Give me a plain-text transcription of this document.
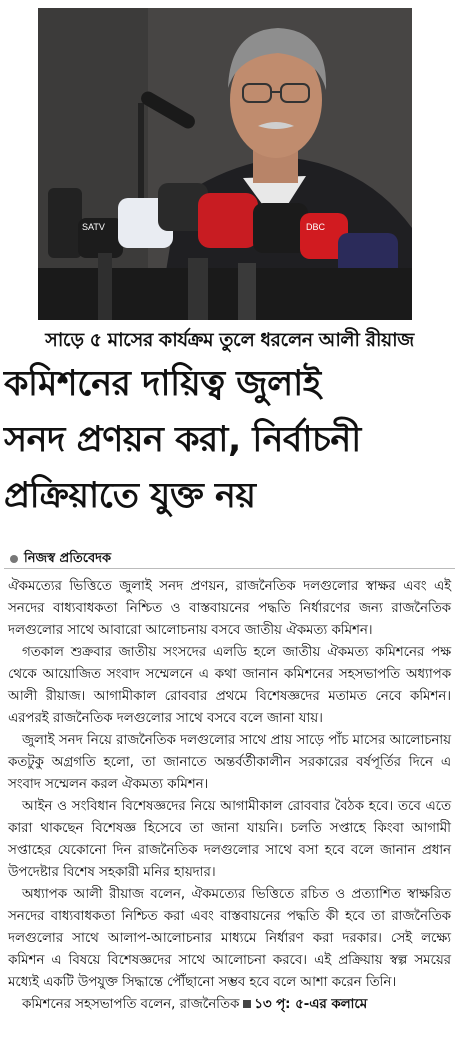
SATV	DBC
সাড়ে ৫ মাসের কার্যক্রম তুলে ধরলেন আলী রীয়াজ
কমিশনের দায়িত্ব জুলাই
সনদ প্রণয়ন করা, নির্বাচনী
প্রক্রিয়াতে যুক্ত নয়
নিজস্ব প্রতিবেদক

ঐকমত্যের ভিত্তিতে জুলাই সনদ প্রণয়ন, রাজনৈতিক দলগুলোর স্বাক্ষর এবং এই সনদের বাধ্যবাধকতা নিশ্চিত ও বাস্তবায়নের পদ্ধতি নির্ধারণের জন্য রাজনৈতিক দলগুলোর সাথে আবারো আলোচনায় বসবে জাতীয় ঐকমত্য কমিশন।

গতকাল শুক্রবার জাতীয় সংসদের এলডি হলে জাতীয় ঐকমত্য কমিশনের পক্ষ থেকে আয়োজিত সংবাদ সম্মেলনে এ কথা জানান কমিশনের সহসভাপতি অধ্যাপক আলী রীয়াজ। আগামীকাল রোববার প্রথমে বিশেষজ্ঞদের মতামত নেবে কমিশন। এরপরই রাজনৈতিক দলগুলোর সাথে বসবে বলে জানা যায়।

জুলাই সনদ নিয়ে রাজনৈতিক দলগুলোর সাথে প্রায় সাড়ে পাঁচ মাসের আলোচনায় কতটুকু অগ্রগতি হলো, তা জানাতে অন্তর্বর্তীকালীন সরকারের বর্ষপূর্তির দিনে এ সংবাদ সম্মেলন করল ঐকমত্য কমিশন।

আইন ও সংবিধান বিশেষজ্ঞদের নিয়ে আগামীকাল রোববার বৈঠক হবে। তবে এতে কারা থাকছেন বিশেষজ্ঞ হিসেবে তা জানা যায়নি। চলতি সপ্তাহে কিংবা আগামী সপ্তাহের যেকোনো দিন রাজনৈতিক দলগুলোর সাথে বসা হবে বলে জানান প্রধান উপদেষ্টার বিশেষ সহকারী মনির হায়দার।

অধ্যাপক আলী রীয়াজ বলেন, ঐকমত্যের ভিত্তিতে রচিত ও প্রত্যাশিত স্বাক্ষরিত সনদের বাধ্যবাধকতা নিশ্চিত করা এবং বাস্তবায়নের পদ্ধতি কী হবে তা রাজনৈতিক দলগুলোর সাথে আলাপ-আলোচনার মাধ্যমে নির্ধারণ করা দরকার। সেই লক্ষ্যে কমিশন এ বিষয়ে বিশেষজ্ঞদের সাথে আলোচনা করবে। এই প্রক্রিয়ায় স্বল্প সময়ের মধ্যেই একটি উপযুক্ত সিদ্ধান্তে পৌঁছানো সম্ভব হবে বলে আশা করেন তিনি।

কমিশনের সহসভাপতি বলেন, রাজনৈতিক ১৩ পৃ: ৫-এর কলামে
